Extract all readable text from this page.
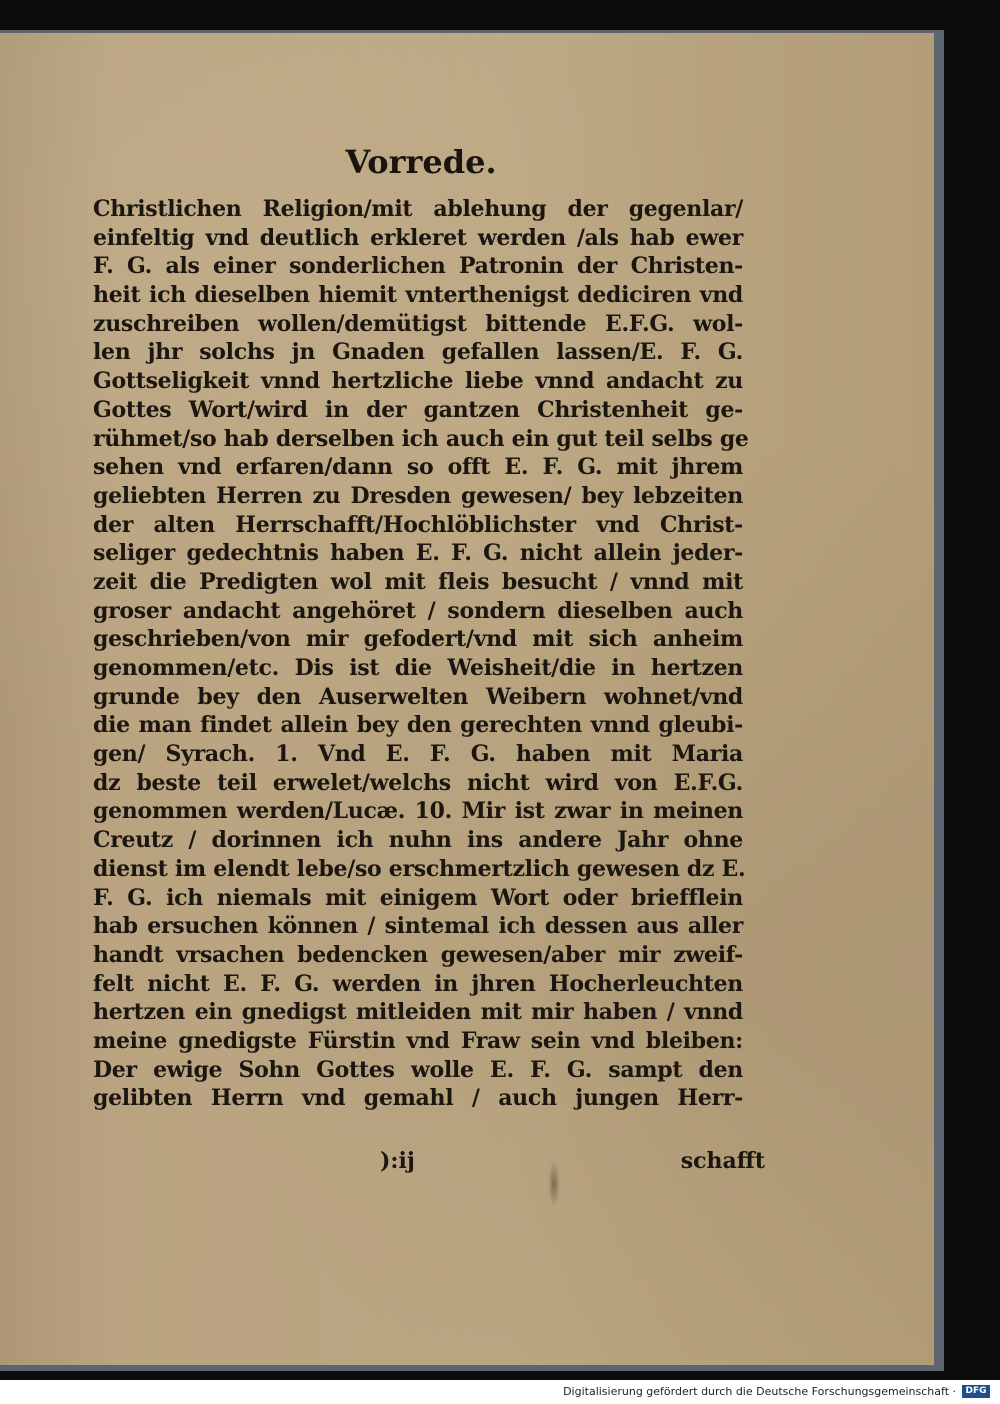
Vorrede.
Christlichen Religion/mit ablehung der gegenlar/
einfeltig vnd deutlich erkleret werden /als hab ewer
F. G. als einer sonderlichen Patronin der Christen-
heit ich dieselben hiemit vnterthenigst dediciren vnd
zuschreiben wollen/demütigst bittende E.F.G. wol-
len jhr solchs jn Gnaden gefallen lassen/E. F. G.
Gottseligkeit vnnd hertzliche liebe vnnd andacht zu
Gottes Wort/wird in der gantzen Christenheit ge-
rühmet/so hab derselben ich auch ein gut teil selbs ge
sehen vnd erfaren/dann so offt E. F. G. mit jhrem
geliebten Herren zu Dresden gewesen/ bey lebzeiten
der alten Herrschafft/Hochlöblichster vnd Christ-
seliger gedechtnis haben E. F. G. nicht allein jeder-
zeit die Predigten wol mit fleis besucht / vnnd mit
groser andacht angehöret / sondern dieselben auch
geschrieben/von mir gefodert/vnd mit sich anheim
genommen/etc. Dis ist die Weisheit/die in hertzen
grunde bey den Auserwelten Weibern wohnet/vnd
die man findet allein bey den gerechten vnnd gleubi-
gen/ Syrach. 1. Vnd E. F. G. haben mit Maria
dz beste teil erwelet/welchs nicht wird von E.F.G.
genommen werden/Lucæ. 10. Mir ist zwar in meinen
Creutz / dorinnen ich nuhn ins andere Jahr ohne
dienst im elendt lebe/so erschmertzlich gewesen dz E.
F. G. ich niemals mit einigem Wort oder briefflein
hab ersuchen können / sintemal ich dessen aus aller
handt vrsachen bedencken gewesen/aber mir zweif-
felt nicht E. F. G. werden in jhren Hocherleuchten
hertzen ein gnedigst mitleiden mit mir haben / vnnd
meine gnedigste Fürstin vnd Fraw sein vnd bleiben:
Der ewige Sohn Gottes wolle E. F. G. sampt den
gelibten Herrn vnd gemahl / auch jungen Herr-
):ij	schafft
Digitalisierung gefördert durch die Deutsche Forschungsgemeinschaft ·	DFG
